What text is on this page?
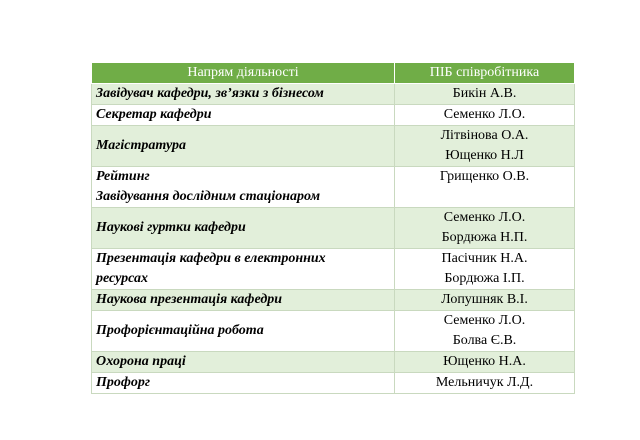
Напрям діяльності	ПІБ співробітника

Завідувач кафедри, зв’язки з бізнесом	Бикін А.В.

Секретар кафедри	Семенко Л.О.

Магістратура	Літвінова О.А.
Ющенко Н.Л

Рейтинг
Завідування дослідним стаціонаром	Грищенко О.В.

Наукові гуртки кафедри	Семенко Л.О.
Бордюжа Н.П.

Презентація кафедри в електронних
ресурсах	Пасічник Н.А.
Бордюжа І.П.

Наукова презентація кафедри	Лопушняк В.І.

Профорієнтаційна робота	Семенко Л.О.
Болва Є.В.

Охорона праці	Ющенко Н.А.

Профорг	Мельничук Л.Д.
